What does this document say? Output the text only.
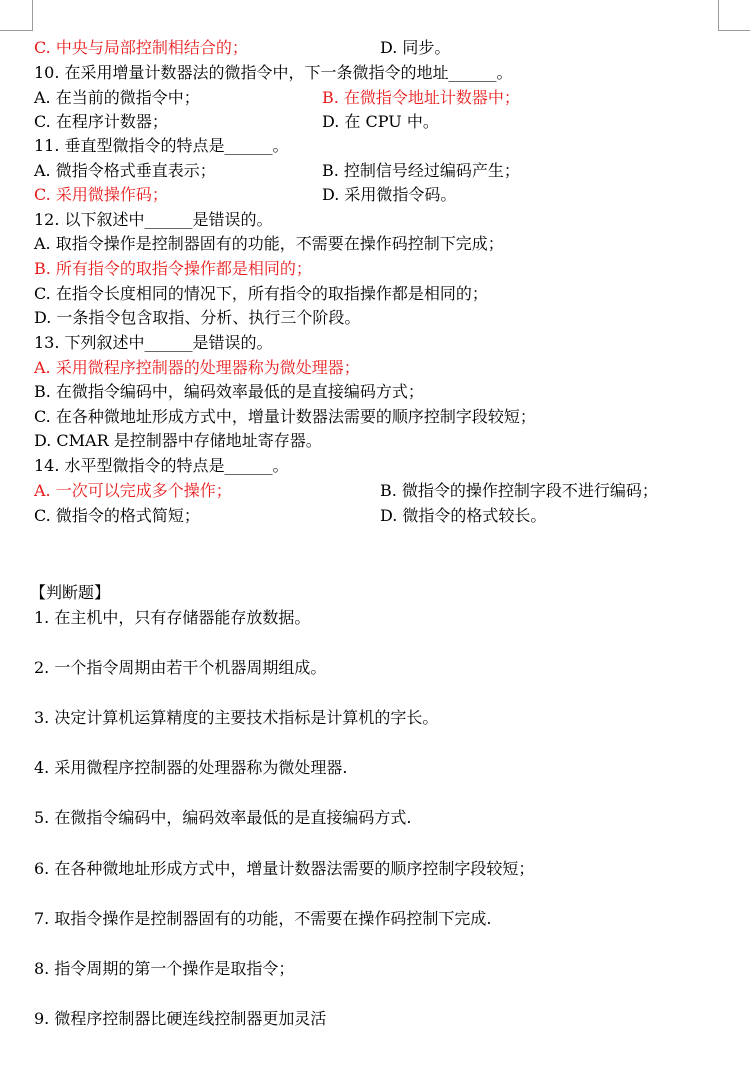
C. 中央与局部控制相结合的；	D. 同步。
10. 在采用增量计数器法的微指令中，下一条微指令的地址______。
A. 在当前的微指令中；	B. 在微指令地址计数器中；
C. 在程序计数器；	D. 在 CPU 中。
11. 垂直型微指令的特点是______。
A. 微指令格式垂直表示；	B. 控制信号经过编码产生；
C. 采用微操作码；	D. 采用微指令码。
12. 以下叙述中______是错误的。
A. 取指令操作是控制器固有的功能，不需要在操作码控制下完成；
B. 所有指令的取指令操作都是相同的；
C. 在指令长度相同的情况下，所有指令的取指操作都是相同的；
D. 一条指令包含取指、分析、执行三个阶段。
13. 下列叙述中______是错误的。
A. 采用微程序控制器的处理器称为微处理器；
B. 在微指令编码中，编码效率最低的是直接编码方式；
C. 在各种微地址形成方式中，增量计数器法需要的顺序控制字段较短；
D. CMAR 是控制器中存储地址寄存器。
14. 水平型微指令的特点是______。
A. 一次可以完成多个操作；	B. 微指令的操作控制字段不进行编码；
C. 微指令的格式简短；	D. 微指令的格式较长。
【判断题】
1. 在主机中，只有存储器能存放数据。
2. 一个指令周期由若干个机器周期组成。
3. 决定计算机运算精度的主要技术指标是计算机的字长。
4. 采用微程序控制器的处理器称为微处理器.
5. 在微指令编码中，编码效率最低的是直接编码方式.
6. 在各种微地址形成方式中，增量计数器法需要的顺序控制字段较短；
7. 取指令操作是控制器固有的功能，不需要在操作码控制下完成.
8. 指令周期的第一个操作是取指令；
9. 微程序控制器比硬连线控制器更加灵活
